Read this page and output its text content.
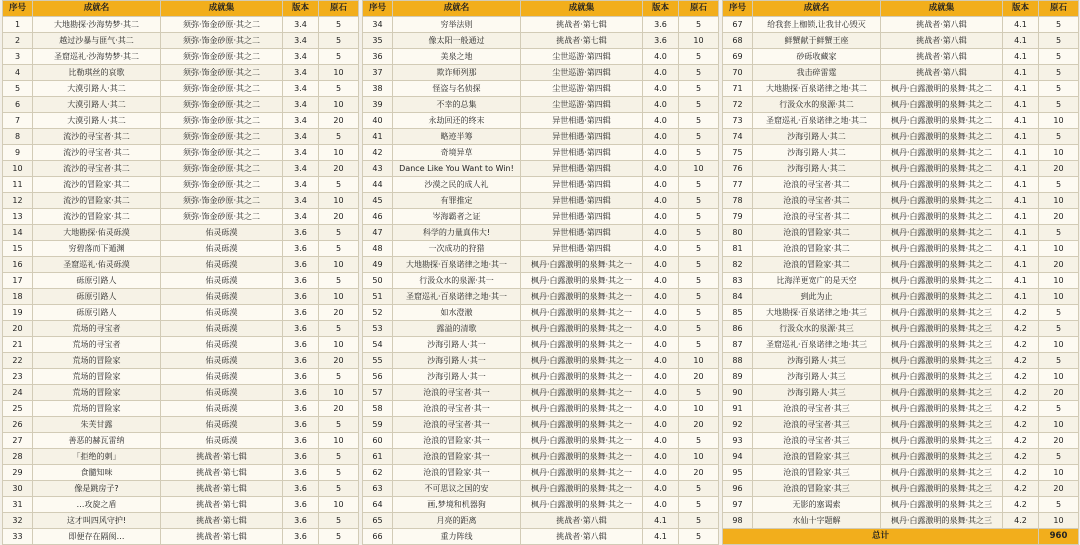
序号	成就名	成就集	版本	原石
1	大地勘探·沙海势梦·其二	须弥·饰金砂原·其之二	3.4	5
2	越过沙暴与匪气·其二	须弥·饰金砂原·其之二	3.4	5
3	圣窟巡礼·沙海势梦·其二	须弥·饰金砂原·其之二	3.4	5
4	比勒琪丝的哀歌	须弥·饰金砂原·其之二	3.4	10
5	大漠引路人·其二	须弥·饰金砂原·其之二	3.4	5
6	大漠引路人·其二	须弥·饰金砂原·其之二	3.4	10
7	大漠引路人·其二	须弥·饰金砂原·其之二	3.4	20
8	流沙的寻宝者·其二	须弥·饰金砂原·其之二	3.4	5
9	流沙的寻宝者·其二	须弥·饰金砂原·其之二	3.4	10
10	流沙的寻宝者·其二	须弥·饰金砂原·其之二	3.4	20
11	流沙的冒险家·其二	须弥·饰金砂原·其之二	3.4	5
12	流沙的冒险家·其二	须弥·饰金砂原·其之二	3.4	10
13	流沙的冒险家·其二	须弥·饰金砂原·其之二	3.4	20
14	大地勘探·佑灵砾漠	佑灵砾漠	3.6	5
15	穷碧落而下遁渊	佑灵砾漠	3.6	5
16	圣窟巡礼·佑灵砾漠	佑灵砾漠	3.6	10
17	砾原引路人	佑灵砾漠	3.6	5
18	砾原引路人	佑灵砾漠	3.6	10
19	砾原引路人	佑灵砾漠	3.6	20
20	荒场的寻宝者	佑灵砾漠	3.6	5
21	荒场的寻宝者	佑灵砾漠	3.6	10
22	荒场的冒险家	佑灵砾漠	3.6	20
23	荒场的冒险家	佑灵砾漠	3.6	5
24	荒场的冒险家	佑灵砾漠	3.6	10
25	荒场的冒险家	佑灵砾漠	3.6	20
26	朱芙甘露	佑灵砾漠	3.6	5
27	善恶的赫瓦雷纳	佑灵砾漠	3.6	10
28	「拒绝的刺」	挑战者·第七辑	3.6	5
29	食髓知味	挑战者·第七辑	3.6	5
30	像是跳房子?	挑战者·第七辑	3.6	5
31	…攻旋之盾	挑战者·第七辑	3.6	10
32	这才叫四风守护!	挑战者·第七辑	3.6	5
33	即便存在隔阂…	挑战者·第七辑	3.6	5
序号	成就名	成就集	版本	原石
34	穷举法则	挑战者·第七辑	3.6	5
35	像太阳一般通过	挑战者·第七辑	3.6	10
36	美泉之地	尘世巡游·第四辑	4.0	5
37	欺诈师列那	尘世巡游·第四辑	4.0	5
38	怪盗与名侦探	尘世巡游·第四辑	4.0	5
39	不幸的总集	尘世巡游·第四辑	4.0	5
40	永劫回还的终末	异世相遇·第四辑	4.0	5
41	略迹半筹	异世相遇·第四辑	4.0	5
42	奇境异草	异世相遇·第四辑	4.0	5
43	Dance Like You Want to Win!	异世相遇·第四辑	4.0	10
44	沙漠之民的成人礼	异世相遇·第四辑	4.0	5
45	有罪推定	异世相遇·第四辑	4.0	5
46	岑海霸者之证	异世相遇·第四辑	4.0	5
47	科学的力量真伟大!	异世相遇·第四辑	4.0	5
48	一次成功的狩猎	异世相遇·第四辑	4.0	5
49	大地勘探·百泉诺律之地·其一	枫丹·白露激明的泉舞·其之一	4.0	5
50	行汲众水的泉源·其一	枫丹·白露激明的泉舞·其之一	4.0	5
51	圣窟巡礼·百泉诺律之地·其一	枫丹·白露激明的泉舞·其之一	4.0	5
52	如水澄澈	枫丹·白露激明的泉舞·其之一	4.0	5
53	露溢的清歌	枫丹·白露激明的泉舞·其之一	4.0	5
54	沙海引路人·其一	枫丹·白露激明的泉舞·其之一	4.0	5
55	沙海引路人·其一	枫丹·白露激明的泉舞·其之一	4.0	10
56	沙海引路人·其一	枫丹·白露激明的泉舞·其之一	4.0	20
57	沧浪的寻宝者·其一	枫丹·白露激明的泉舞·其之一	4.0	5
58	沧浪的寻宝者·其一	枫丹·白露激明的泉舞·其之一	4.0	10
59	沧浪的寻宝者·其一	枫丹·白露激明的泉舞·其之一	4.0	20
60	沧浪的冒险家·其一	枫丹·白露激明的泉舞·其之一	4.0	5
61	沧浪的冒险家·其一	枫丹·白露激明的泉舞·其之一	4.0	10
62	沧浪的冒险家·其一	枫丹·白露激明的泉舞·其之一	4.0	20
63	不可思议之国的安	枫丹·白露激明的泉舞·其之一	4.0	5
64	画,梦境和机器狗	枫丹·白露激明的泉舞·其之一	4.0	5
65	月亮的距离	挑战者·第八辑	4.1	5
66	重力阵线	挑战者·第八辑	4.1	5
序号	成就名	成就集	版本	原石
67	给我套上枷锁,让我甘心毁灭	挑战者·第八辑	4.1	5
68	鲜蟹献于鲜蟹王座	挑战者·第八辑	4.1	5
69	砂砾收藏家	挑战者·第八辑	4.1	5
70	我击碎雷霆	挑战者·第八辑	4.1	5
71	大地勘探·百泉诺律之地·其二	枫丹·白露激明的泉舞·其之二	4.1	5
72	行汲众水的泉源·其二	枫丹·白露激明的泉舞·其之二	4.1	5
73	圣窟巡礼·百泉诺律之地·其二	枫丹·白露激明的泉舞·其之二	4.1	10
74	沙海引路人·其二	枫丹·白露激明的泉舞·其之二	4.1	5
75	沙海引路人·其二	枫丹·白露激明的泉舞·其之二	4.1	10
76	沙海引路人·其二	枫丹·白露激明的泉舞·其之二	4.1	20
77	沧浪的寻宝者·其二	枫丹·白露激明的泉舞·其之二	4.1	5
78	沧浪的寻宝者·其二	枫丹·白露激明的泉舞·其之二	4.1	10
79	沧浪的寻宝者·其二	枫丹·白露激明的泉舞·其之二	4.1	20
80	沧浪的冒险家·其二	枫丹·白露激明的泉舞·其之二	4.1	5
81	沧浪的冒险家·其二	枫丹·白露激明的泉舞·其之二	4.1	10
82	沧浪的冒险家·其二	枫丹·白露激明的泉舞·其之二	4.1	20
83	比海洋更宽广的是天空	枫丹·白露激明的泉舞·其之二	4.1	10
84	到此为止	枫丹·白露激明的泉舞·其之二	4.1	10
85	大地勘探·百泉诺律之地·其三	枫丹·白露激明的泉舞·其之三	4.2	5
86	行汲众水的泉源·其三	枫丹·白露激明的泉舞·其之三	4.2	5
87	圣窟巡礼·百泉诺律之地·其三	枫丹·白露激明的泉舞·其之三	4.2	10
88	沙海引路人·其三	枫丹·白露激明的泉舞·其之三	4.2	5
89	沙海引路人·其三	枫丹·白露激明的泉舞·其之三	4.2	10
90	沙海引路人·其三	枫丹·白露激明的泉舞·其之三	4.2	20
91	沧浪的寻宝者·其三	枫丹·白露激明的泉舞·其之三	4.2	5
92	沧浪的寻宝者·其三	枫丹·白露激明的泉舞·其之三	4.2	10
93	沧浪的寻宝者·其三	枫丹·白露激明的泉舞·其之三	4.2	20
94	沧浪的冒险家·其三	枫丹·白露激明的泉舞·其之三	4.2	5
95	沧浪的冒险家·其三	枫丹·白露激明的泉舞·其之三	4.2	10
96	沧浪的冒险家·其三	枫丹·白露激明的泉舞·其之三	4.2	20
97	无影的塞谒索	枫丹·白露激明的泉舞·其之三	4.2	5
98	水仙十字题解	枫丹·白露激明的泉舞·其之三	4.2	10
总计				960
